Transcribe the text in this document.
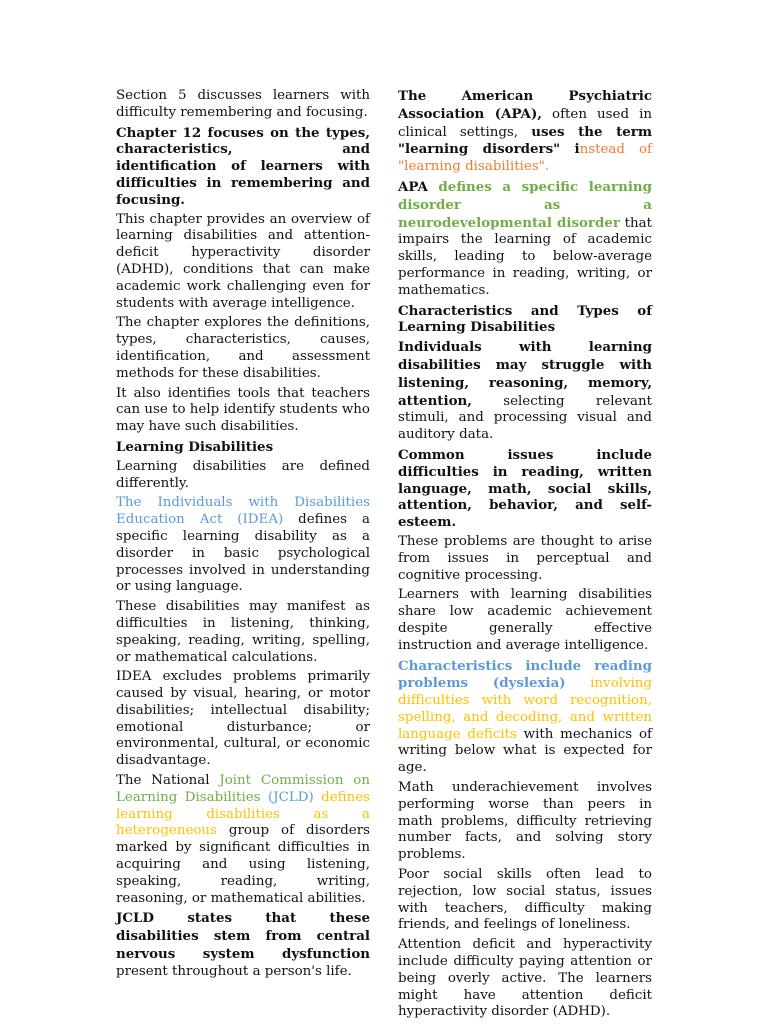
Section 5 discusses learners with difficulty remembering and focusing.

Chapter 12 focuses on the types, characteristics, and identification of learners with difficulties in remembering and focusing.

This chapter provides an overview of learning disabilities and attention-deficit hyperactivity disorder (ADHD), conditions that can make academic work challenging even for students with average intelligence.

The chapter explores the definitions, types, characteristics, causes, identification, and assessment methods for these disabilities.

It also identifies tools that teachers can use to help identify students who may have such disabilities.

Learning Disabilities

Learning disabilities are defined differently.

The Individuals with Disabilities Education Act (IDEA) defines a specific learning disability as a disorder in basic psychological processes involved in understanding or using language.

These disabilities may manifest as difficulties in listening, thinking, speaking, reading, writing, spelling, or mathematical calculations.

IDEA excludes problems primarily caused by visual, hearing, or motor disabilities; intellectual disability; emotional disturbance; or environmental, cultural, or economic disadvantage.

The National Joint Commission on Learning Disabilities (JCLD) defines learning disabilities as a heterogeneous group of disorders marked by significant difficulties in acquiring and using listening, speaking, reading, writing, reasoning, or mathematical abilities.

JCLD states that these disabilities stem from central nervous system dysfunction present throughout a person's life.

The American Psychiatric Association (APA), often used in clinical settings, uses the term "learning disorders" instead of "learning disabilities".

APA defines a specific learning disorder as a neurodevelopmental disorder that impairs the learning of academic skills, leading to below-average performance in reading, writing, or mathematics.

Characteristics and Types of Learning Disabilities

Individuals with learning disabilities may struggle with listening, reasoning, memory, attention, selecting relevant stimuli, and processing visual and auditory data.

Common issues include difficulties in reading, written language, math, social skills, attention, behavior, and self-esteem.

These problems are thought to arise from issues in perceptual and cognitive processing.

Learners with learning disabilities share low academic achievement despite generally effective instruction and average intelligence.

Characteristics include reading problems (dyslexia) involving difficulties with word recognition, spelling, and decoding, and written language deficits with mechanics of writing below what is expected for age.

Math underachievement involves performing worse than peers in math problems, difficulty retrieving number facts, and solving story problems.

Poor social skills often lead to rejection, low social status, issues with teachers, difficulty making friends, and feelings of loneliness.

Attention deficit and hyperactivity include difficulty paying attention or being overly active. The learners might have attention deficit hyperactivity disorder (ADHD).
